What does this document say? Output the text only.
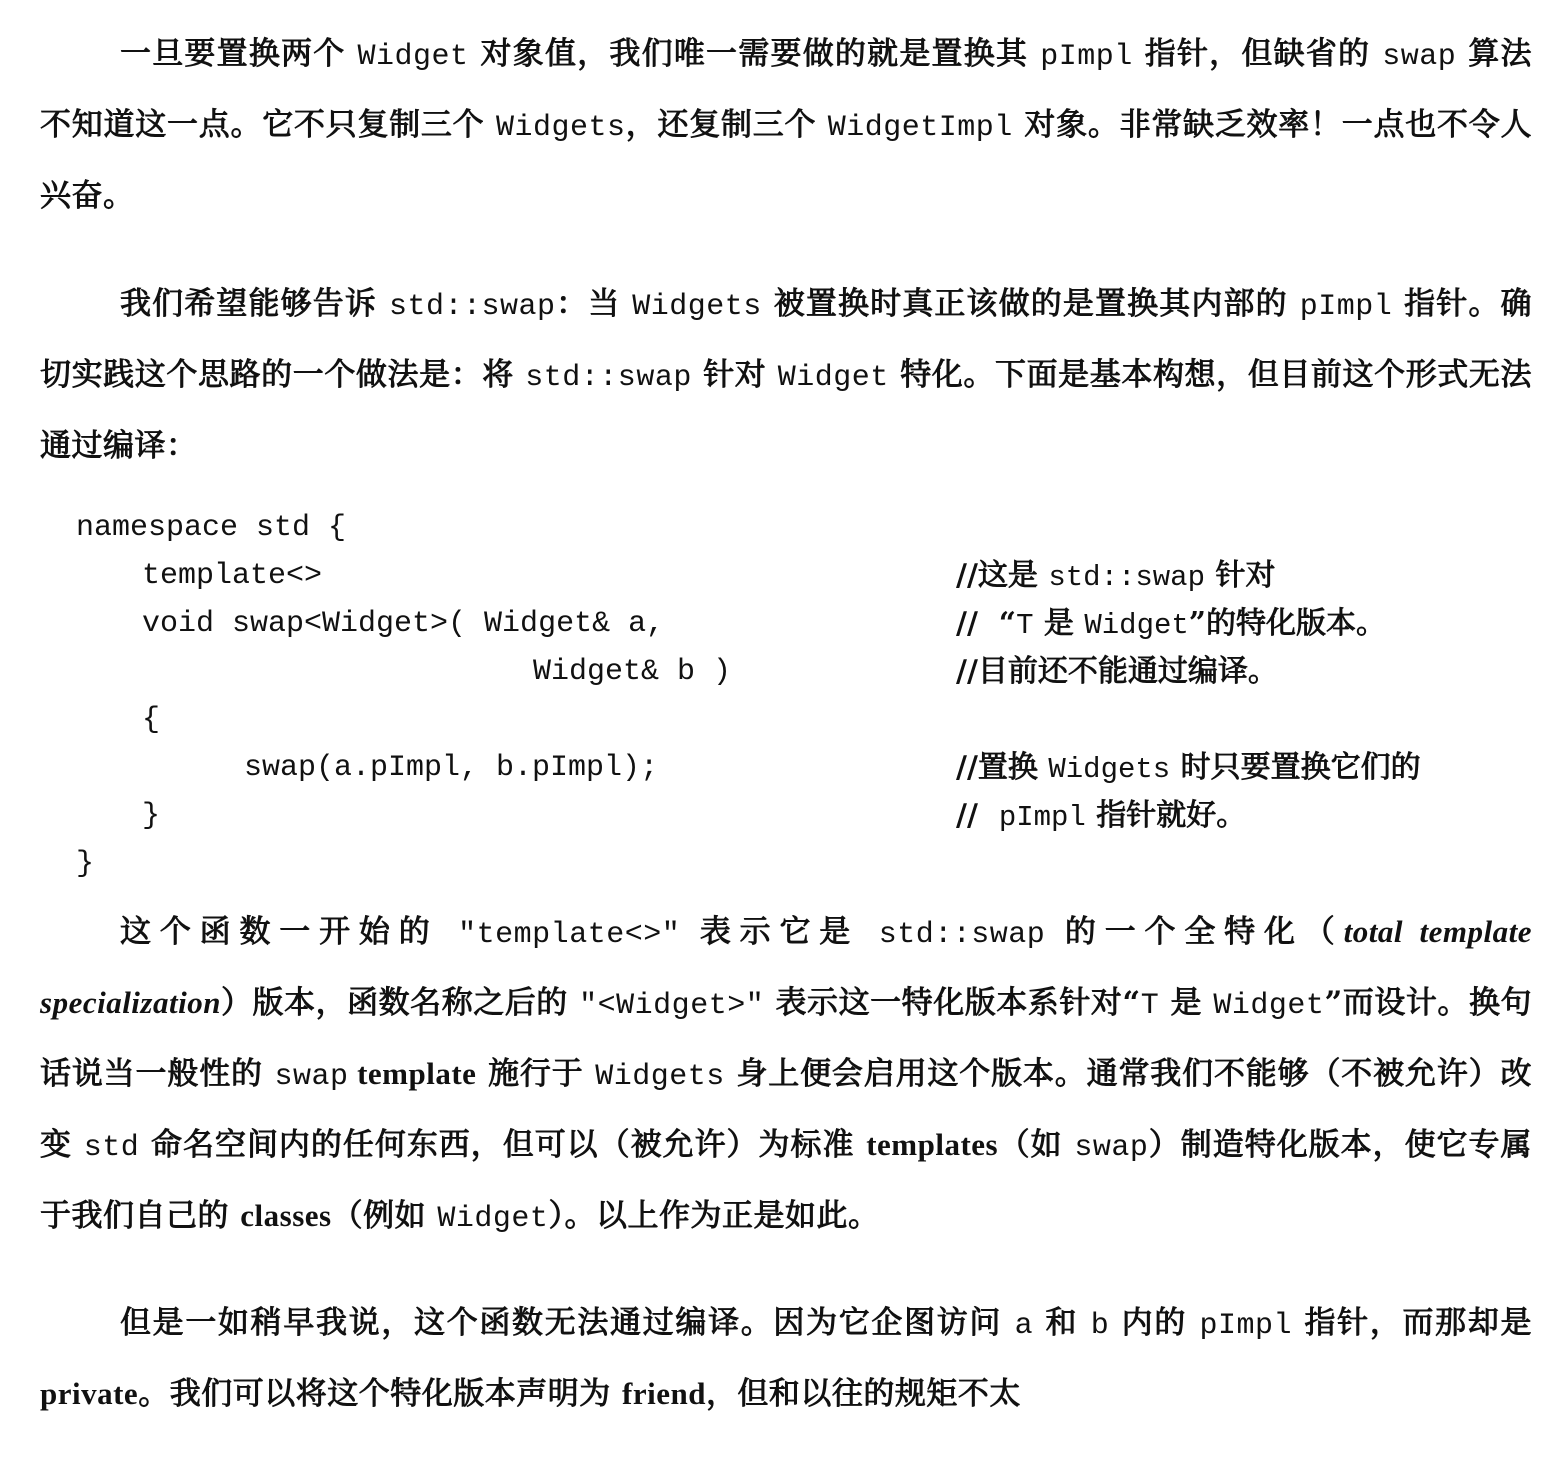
一旦要置换两个 Widget 对象值，我们唯一需要做的就是置换其 pImpl 指针，但缺省的 swap 算法不知道这一点。它不只复制三个 Widgets，还复制三个 WidgetImpl 对象。非常缺乏效率！一点也不令人兴奋。

我们希望能够告诉 std::swap：当 Widgets 被置换时真正该做的是置换其内部的 pImpl 指针。确切实践这个思路的一个做法是：将 std::swap 针对 Widget 特化。下面是基本构想，但目前这个形式无法通过编译：

namespace std {
template<>
void swap<Widget>( Widget& a,
Widget& b )
{
swap(a.pImpl, b.pImpl);
}
}
//这是 std::swap 针对
//  “T 是 Widget”的特化版本。
//目前还不能通过编译。
//置换 Widgets 时只要置换它们的
//  pImpl 指针就好。

这个函数一开始的 "template<>" 表示它是 std::swap 的一个全特化（total template specialization）版本，函数名称之后的 "<Widget>" 表示这一特化版本系针对“T 是 Widget”而设计。换句话说当一般性的 swap template 施行于 Widgets 身上便会启用这个版本。通常我们不能够（不被允许）改变 std 命名空间内的任何东西，但可以（被允许）为标准 templates（如 swap）制造特化版本，使它专属于我们自己的 classes（例如 Widget）。以上作为正是如此。

但是一如稍早我说，这个函数无法通过编译。因为它企图访问 a 和 b 内的 pImpl 指针，而那却是 private。我们可以将这个特化版本声明为 friend，但和以往的规矩不太
